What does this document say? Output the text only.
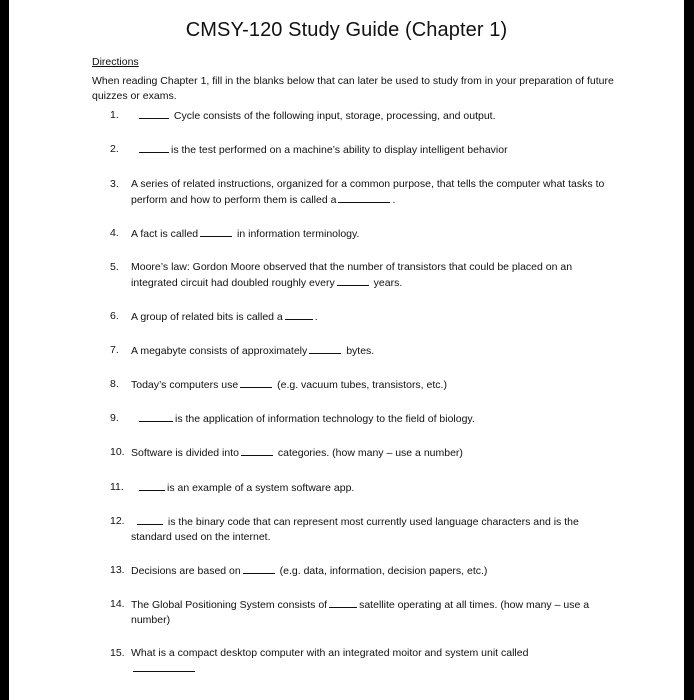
CMSY-120 Study Guide (Chapter 1)
Directions
When reading Chapter 1, fill in the blanks below that can later be used to study from in your preparation of future quizzes or exams.
1.	Cycle consists of the following input, storage, processing, and output.
2.	is the test performed on a machine’s ability to display intelligent behavior
3. A series of related instructions, organized for a common purpose, that tells the computer what tasks to perform and how to perform them is called a	.
4. A fact is called	in information terminology.
5. Moore’s law: Gordon Moore observed that the number of transistors that could be placed on an integrated circuit had doubled roughly every	years.
6. A group of related bits is called a	.
7. A megabyte consists of approximately	bytes.
8. Today’s computers use	(e.g. vacuum tubes, transistors, etc.)
9.	is the application of information technology to the field of biology.
10. Software is divided into	categories. (how many – use a number)
11.	is an example of a system software app.
12.	is the binary code that can represent most currently used language characters and is the standard used on the internet.
13. Decisions are based on	(e.g. data, information, decision papers, etc.)
14. The Global Positioning System consists of	satellite operating at all times. (how many – use a number)
15. What is a compact desktop computer with an integrated moitor and system unit called
